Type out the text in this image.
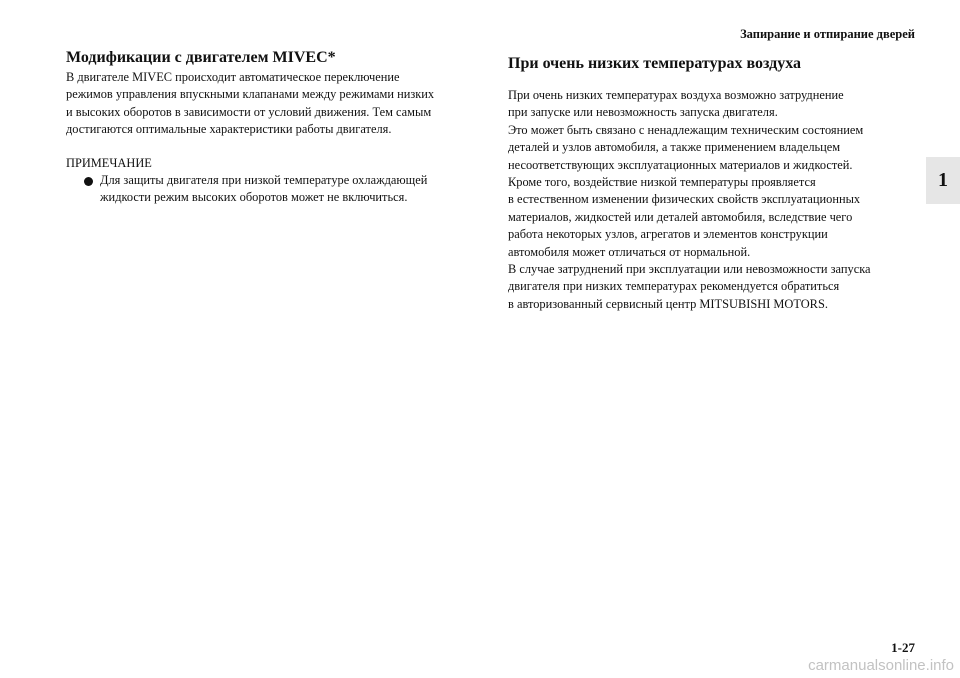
Запирание и отпирание дверей
Модификации с двигателем MIVEC*
В двигателе MIVEC происходит автоматическое переключение
режимов управления впускными клапанами между режимами низких
и высоких оборотов в зависимости от условий движения. Тем самым
достигаются оптимальные характеристики работы двигателя.
ПРИМЕЧАНИЕ
Для защиты двигателя при низкой температуре охлаждающей
жидкости режим высоких оборотов может не включиться.
При очень низких температурах воздуха
При очень низких температурах воздуха возможно затруднение
при запуске или невозможность запуска двигателя.
Это может быть связано с ненадлежащим техническим состоянием
деталей и узлов автомобиля, а также применением владельцем
несоответствующих эксплуатационных материалов и жидкостей.
Кроме того, воздействие низкой температуры проявляется
в естественном изменении физических свойств эксплуатационных
материалов, жидкостей или деталей автомобиля, вследствие чего
работа некоторых узлов, агрегатов и элементов конструкции
автомобиля может отличаться от нормальной.
В случае затруднений при эксплуатации или невозможности запуска
двигателя при низких температурах рекомендуется обратиться
в авторизованный сервисный центр MITSUBISHI MOTORS.
1
1-27
carmanualsonline.info
